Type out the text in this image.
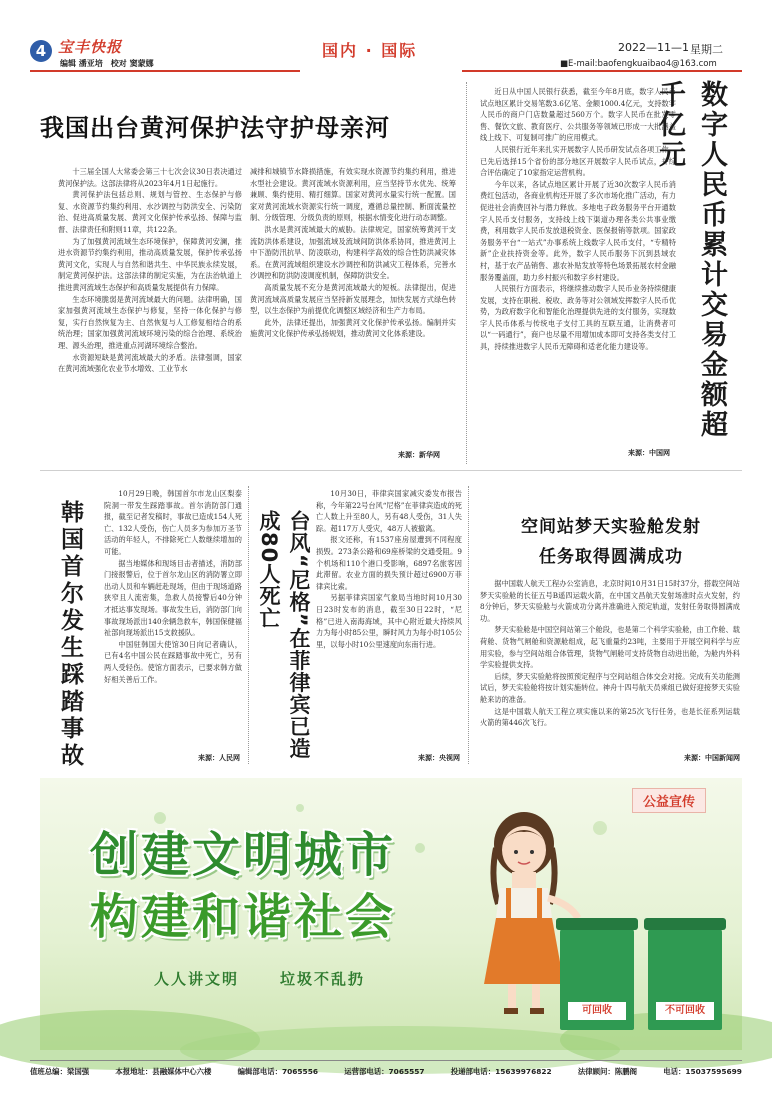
4 宝丰快报
编辑 潘亚培　校对 窦蒙娜
国内 · 国际	2022—11—1 星期二
■E-mail:baofengkuaibao4@163.com
我国出台黄河保护法守护母亲河

十三届全国人大常委会第三十七次会议30日表决通过黄河保护法。这部法律将从2023年4月1日起施行。

黄河保护法包括总则、规划与管控、生态保护与修复、水资源节约集约利用、水沙调控与防洪安全、污染防治、促进高质量发展、黄河文化保护传承弘扬、保障与监督、法律责任和附则11章，共122条。

为了加强黄河流域生态环境保护，保障黄河安澜，推进水资源节约集约利用，推动高质量发展，保护传承弘扬黄河文化，实现人与自然和谐共生、中华民族永续发展，制定黄河保护法。这部法律的制定实施，为在法治轨道上推进黄河流域生态保护和高质量发展提供有力保障。

生态环境脆弱是黄河流域最大的问题。法律明确，国家加强黄河流域生态保护与修复，坚持一体化保护与修复，实行自然恢复为主、自然恢复与人工修复相结合的系统治理；国家加强黄河流域环境污染的综合治理、系统治理、源头治理，推进重点河湖环境综合整治。

水资源短缺是黄河流域最大的矛盾。法律强调，国家在黄河流域强化农业节水增效、工业节水

减排和城镇节水降损措施，有效实现水资源节约集约利用，推进水型社会建设。黄河流域水资源利用，应当坚持节水优先、统筹兼顾、集约使用、精打细算。国家对黄河水量实行统一配置。国家对黄河流域水资源实行统一调度，遵循总量控制、断面流量控制、分级管理、分级负责的原则，根据水情变化进行动态调整。

洪水是黄河流域最大的威胁。法律规定，国家统筹黄河干支流防洪体系建设，加强流域及流域间防洪体系协同，推进黄河上中下游防汛抗旱、防凌联动，构建科学高效的综合性防洪减灾体系。在黄河流域组织建设水沙调控和防洪减灾工程体系，完善水沙调控和防洪防凌调度机制，保障防洪安全。

高质量发展不充分是黄河流域最大的短板。法律提出，促进黄河流域高质量发展应当坚持新发展理念，加快发展方式绿色转型，以生态保护为前提优化调整区域经济和生产力布局。

此外，法律还提出，加强黄河文化保护传承弘扬。编制并实施黄河文化保护传承弘扬规划，推动黄河文化体系建设。

来源：新华网

近日从中国人民银行获悉，截至今年8月底，数字人民币试点地区累计交易笔数3.6亿笔、金额1000.4亿元，支持数字人民币的商户门店数量超过560万个。数字人民币在批发零售、餐饮文旅、教育医疗、公共服务等领域已形成一大批涵盖线上线下、可复制可推广的应用模式。

人民银行近年来扎实开展数字人民币研发试点各项工作，已先后选择15个省份的部分地区开展数字人民币试点，并综合评估确定了10家指定运营机构。

今年以来，各试点地区累计开展了近30次数字人民币消费红包活动，各商业机构还开展了多次市场化推广活动，有力促进社会消费回补与潜力释放。多地电子政务服务平台开通数字人民币支付服务，支持线上线下渠道办理各类公共事业缴费，利用数字人民币发放退税资金、医保报销等款项。国家政务服务平台“一站式”办事系统上线数字人民币支付，“专精特新”企业扶持资金等。此外，数字人民币服务下沉到县域农村，基于农产品销售、惠农补贴发放等特色场景拓展农村金融服务覆盖面，助力乡村振兴和数字乡村建设。

人民银行方面表示，将继续推动数字人民币业务持续健康发展，支持在职税、税收、政务等对公领域发挥数字人民币优势，为政府数字化和智能化治理提供先进的支付服务，实现数字人民币体系与传统电子支付工具的互联互通，让消费者可以“一码通行”，商户也尽量不用增加成本即可支持各类支付工具，持续推进数字人民币无障碍和适老化能力建设等。	数字人民币累计交易金额超千亿元
来源：中国网
韩国首尔发生踩踏事故

10月29日晚，韩国首尔市龙山区梨泰院洞一带发生踩踏事故。首尔消防部门通报，截至记者发稿时，事故已造成154人死亡、132人受伤，伤亡人员多为参加万圣节活动的年轻人，不排除死亡人数继续增加的可能。

据当地媒体和现场目击者描述，消防部门接报警后，位于首尔龙山区的消防署立即出动人员和车辆赶赴现场，但由于现场道路狭窄且人流密集，急救人员接警后40分钟才抵达事发现场。事故发生后，消防部门向事故现场派出140余辆急救车，韩国保健福祉部向现场派出15支救援队。

中国驻韩国大使馆30日向记者确认，已有4名中国公民在踩踏事故中死亡，另有两人受轻伤。使馆方面表示，已要求韩方做好相关善后工作。

来源：人民网	台风“尼格”在菲律宾已造成80人死亡

10月30日，菲律宾国家减灾委发布报告称，今年第22号台风“尼格”在菲律宾造成的死亡人数上升至80人，另有48人受伤，31人失踪。超117万人受灾，48万人被撤离。

报文还称，有1537座房屋遭到不同程度损毁。273条公路和69座桥梁的交通受阻。9个机场和110个港口受影响，6897名旅客因此滞留。农业方面的损失预计超过6900万菲律宾比索。

另据菲律宾国家气象局当地时间10月30日23时发布的消息，截至30日22时，“尼格”已进入南海海域，其中心附近最大持续风力为每小时85公里，瞬时风力为每小时105公里，以每小时10公里速度向东南行进。

来源：央视网
空间站梦天实验舱发射
任务取得圆满成功

据中国载人航天工程办公室消息，北京时间10月31日15时37分，搭载空间站梦天实验舱的长征五号B遥四运载火箭，在中国文昌航天发射场准时点火发射，约8分钟后，梦天实验舱与火箭成功分离并准确进入预定轨道，发射任务取得圆满成功。

梦天实验舱是中国空间站第三个舱段，也是第二个科学实验舱，由工作舱、载荷舱、货物气闸舱和资源舱组成，起飞重量约23吨，主要用于开展空间科学与应用实验，参与空间站组合体管理，货物气闸舱可支持货物自动进出舱，为舱内外科学实验提供支持。

后续，梦天实验舱将按照预定程序与空间站组合体交会对接。完成有关功能测试后，梦天实验舱将按计划实施转位。神舟十四号航天员乘组已做好迎接梦天实验舱来访的准备。

这是中国载人航天工程立项实施以来的第25次飞行任务，也是长征系列运载火箭的第446次飞行。

来源：中国新闻网
公益宣传
创建文明城市
构建和谐社会
人人讲文明	垃圾不乱扔
可回收	不可回收
值班总编：梁国强	本报地址：县融媒体中心六楼	编辑部电话：7065556	运营部电话：7065557	投递部电话：15639976822	法律顾问：陈鹏阁	电话：15037595699
